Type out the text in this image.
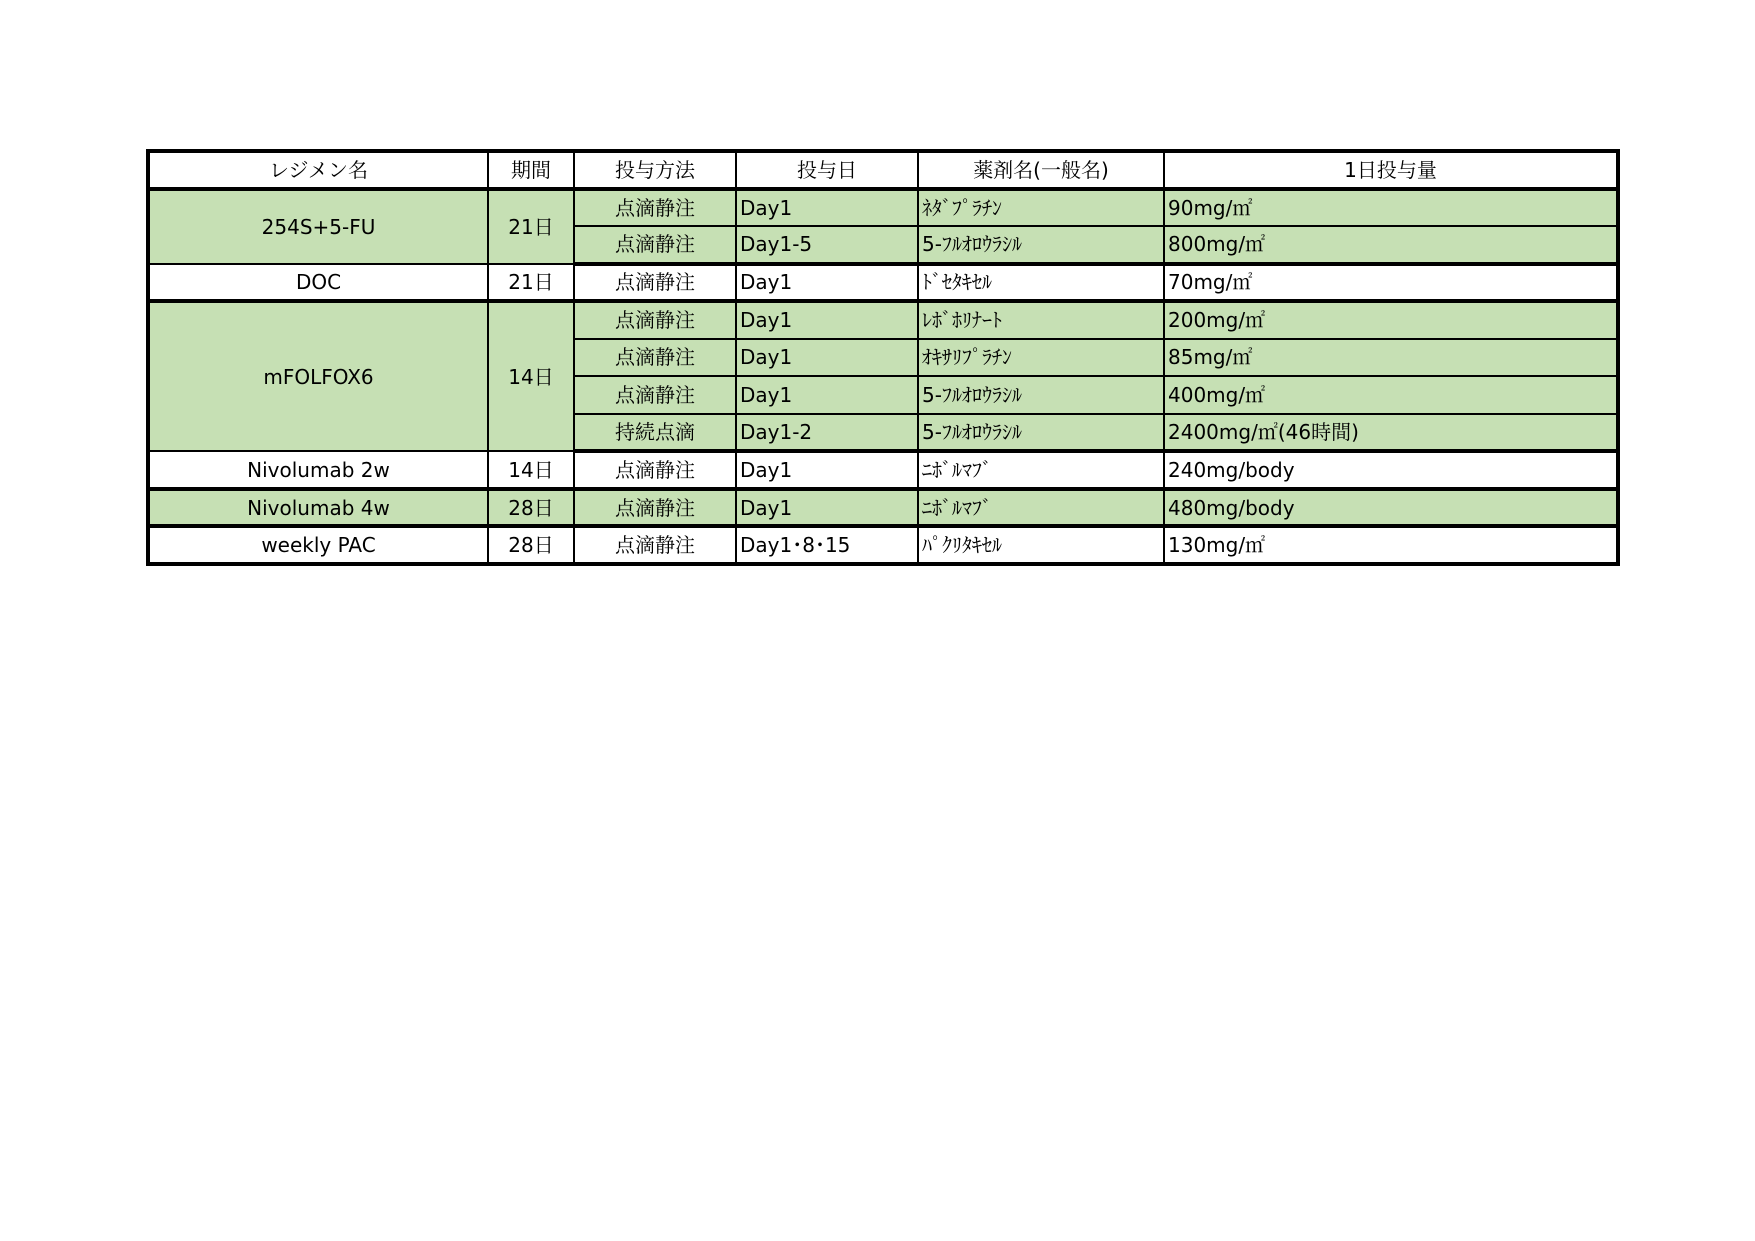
レジメン名	期間	投与方法	投与日	薬剤名(一般名)	1日投与量
254S+5-FU	21日	点滴静注	Day1	ﾈﾀﾞﾌﾟﾗﾁﾝ	90mg/㎡
		点滴静注	Day1-5	5-ﾌﾙｵﾛｳﾗｼﾙ	800mg/㎡
DOC	21日	点滴静注	Day1	ﾄﾞｾﾀｷｾﾙ	70mg/㎡
mFOLFOX6	14日	点滴静注	Day1	ﾚﾎﾞﾎﾘﾅｰﾄ	200mg/㎡
		点滴静注	Day1	ｵｷｻﾘﾌﾟﾗﾁﾝ	85mg/㎡
		点滴静注	Day1	5-ﾌﾙｵﾛｳﾗｼﾙ	400mg/㎡
		持続点滴	Day1-2	5-ﾌﾙｵﾛｳﾗｼﾙ	2400mg/㎡(46時間)
Nivolumab 2w	14日	点滴静注	Day1	ﾆﾎﾞﾙﾏﾌﾞ	240mg/body
Nivolumab 4w	28日	点滴静注	Day1	ﾆﾎﾞﾙﾏﾌﾞ	480mg/body
weekly PAC	28日	点滴静注	Day1･8･15	ﾊﾟｸﾘﾀｷｾﾙ	130mg/㎡
